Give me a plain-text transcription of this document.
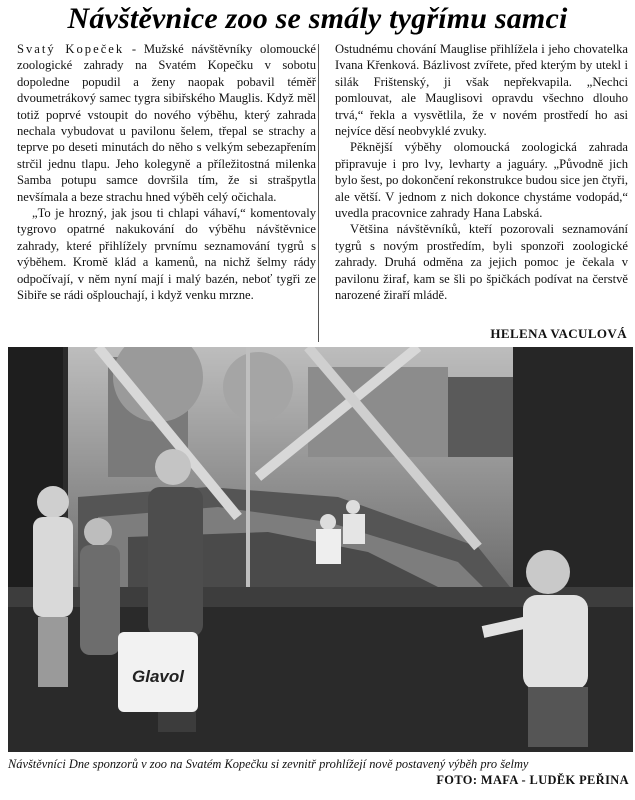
Návštěvnice zoo se smály tygřímu samci

Svatý Kopeček - Mužské návštěvníky olomoucké zoologické zahrady na Svatém Kopečku v sobotu dopoledne popudil a ženy naopak pobavil téměř dvoumetrákový samec tygra sibiřského Mauglis. Když měl totiž poprvé vstoupit do nového výběhu, který zahrada nechala vybudovat u pavilonu šelem, třepal se strachy a teprve po deseti minutách do něho s velkým sebezapřením strčil jednu tlapu. Jeho kolegyně a příležitostná milenka Samba potupu samce dovršila tím, že si strašpytla nevšímala a beze strachu hned výběh celý očichala.

„To je hrozný, jak jsou ti chlapi váhaví,“ komentovaly tygrovo opatrné nakukování do výběhu návštěvnice zahrady, které přihlížely prvnímu seznamování tygrů s výběhem. Kromě klád a kamenů, na nichž šelmy rády odpočívají, v něm nyní mají i malý bazén, neboť tygři ze Sibiře se rádi ošplouchají, i když venku mrzne.

Ostudnému chování Mauglise přihlížela i jeho chovatelka Ivana Křenková. Bázlivost zvířete, před kterým by utekl i silák Frištenský, ji však nepřekvapila. „Nechci pomlouvat, ale Mauglisovi opravdu všechno dlouho trvá,“ řekla a vysvětlila, že v novém prostředí ho asi nejvíce děsí neobvyklé zvuky.

Pěknější výběhy olomoucká zoologická zahrada připravuje i pro lvy, levharty a jaguáry. „Původně jich bylo šest, po dokončení rekonstrukce budou sice jen čtyři, ale větší. V jednom z nich dokonce chystáme vodopád,“ uvedla pracovnice zahrady Hana Labská.

Většina návštěvníků, kteří pozorovali seznamování tygrů s novým prostředím, byli sponzoři zoologické zahrady. Druhá odměna za jejich pomoc je čekala v pavilonu žiraf, kam se šli po špičkách podívat na čerstvě narozené žiraří mládě.

HELENA VACULOVÁ
Glavol
Návštěvníci Dne sponzorů v zoo na Svatém Kopečku si zevnitř prohlížejí nově postavený výběh pro šelmy
FOTO: MAFA - LUDĚK PEŘINA
